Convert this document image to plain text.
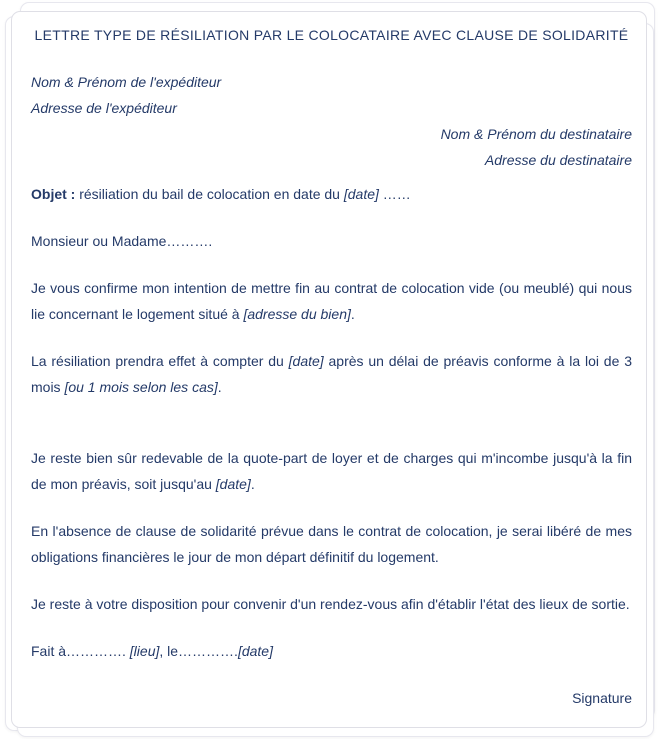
LETTRE TYPE DE RÉSILIATION PAR LE COLOCATAIRE AVEC CLAUSE DE SOLIDARITÉ

Nom & Prénom de l'expéditeur

Adresse de l'expéditeur

Nom & Prénom du destinataire

Adresse du destinataire

Objet : résiliation du bail de colocation en date du [date] ……

Monsieur ou Madame……….

Je vous confirme mon intention de mettre fin au contrat de colocation vide (ou meublé) qui nous lie concernant le logement situé à [adresse du bien].

La résiliation prendra effet à compter du [date] après un délai de préavis conforme à la loi de 3 mois [ou 1 mois selon les cas].

Je reste bien sûr redevable de la quote-part de loyer et de charges qui m'incombe jusqu'à la fin de mon préavis, soit jusqu'au [date].

En l'absence de clause de solidarité prévue dans le contrat de colocation, je serai libéré de mes obligations financières le jour de mon départ définitif du logement.

Je reste à votre disposition pour convenir d'un rendez-vous afin d'établir l'état des lieux de sortie.

Fait à…………. [lieu], le………….[date]

Signature
